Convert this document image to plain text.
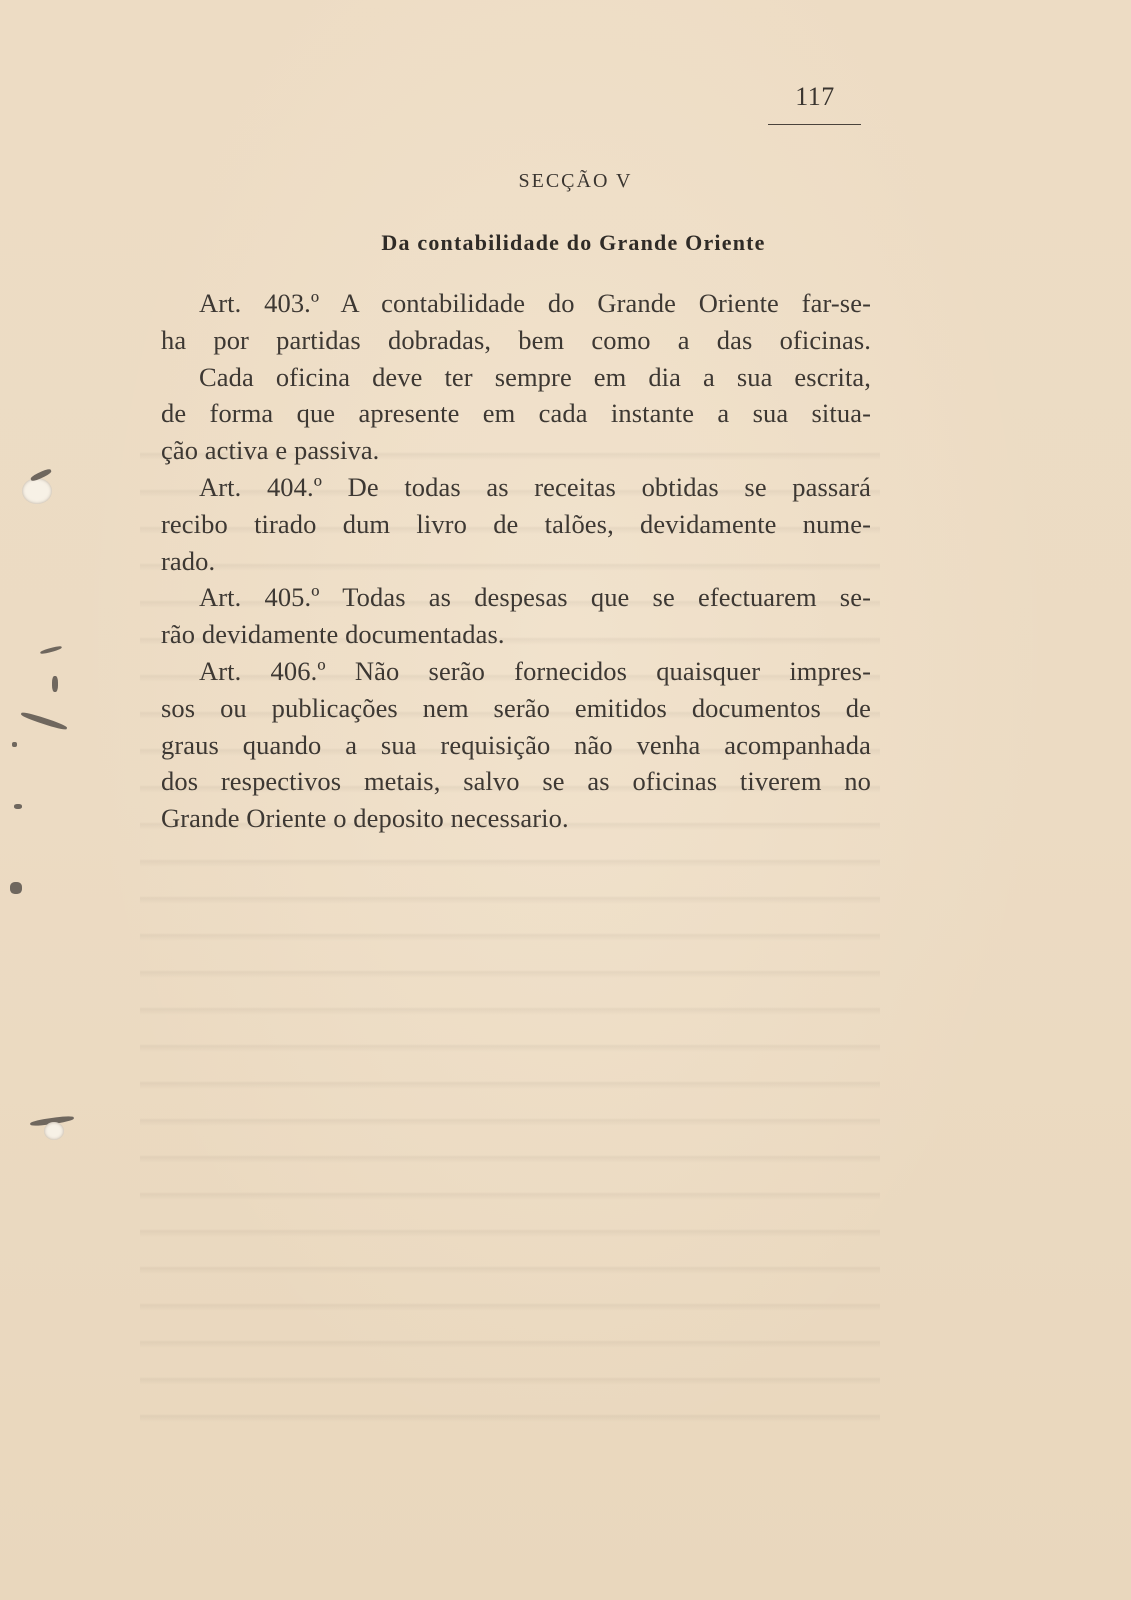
117
SECÇÃO V
Da contabilidade do Grande Oriente
Art. 403.º A contabilidade do Grande Oriente far-se-
ha por partidas dobradas, bem como a das oficinas.
Cada oficina deve ter sempre em dia a sua escrita,
de forma que apresente em cada instante a sua situa-
ção activa e passiva.
Art. 404.º De todas as receitas obtidas se passará
recibo tirado dum livro de talões, devidamente nume-
rado.
Art. 405.º Todas as despesas que se efectuarem se-
rão devidamente documentadas.
Art. 406.º Não serão fornecidos quaisquer impres-
sos ou publicações nem serão emitidos documentos de
graus quando a sua requisição não venha acompanhada
dos respectivos metais, salvo se as oficinas tiverem no
Grande Oriente o deposito necessario.
